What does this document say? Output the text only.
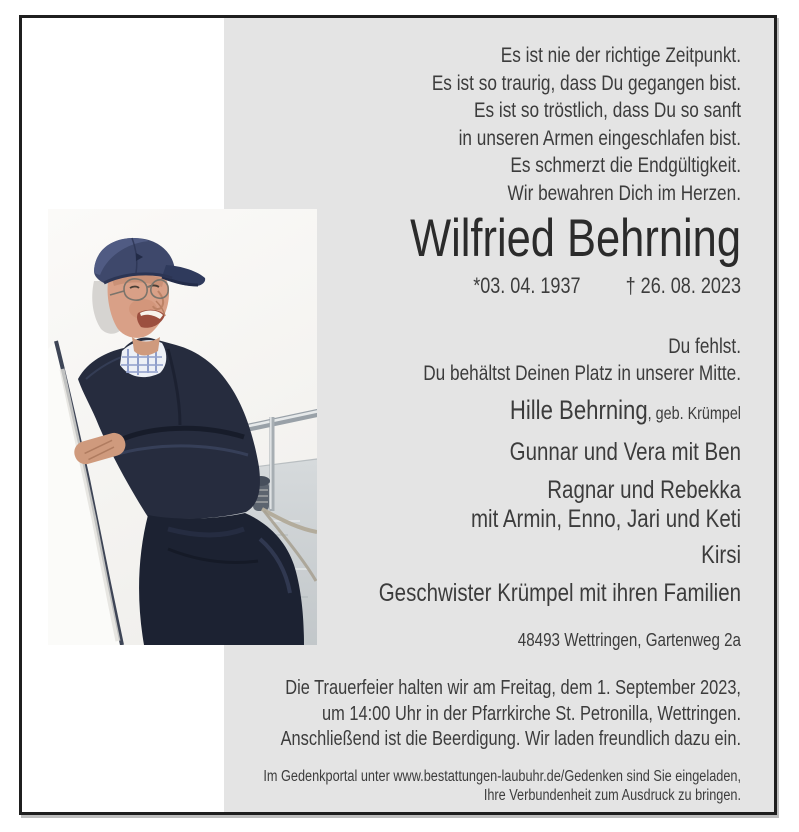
Es ist nie der richtige Zeitpunkt.
Es ist so traurig, dass Du gegangen bist.
Es ist so tröstlich, dass Du so sanft
in unseren Armen eingeschlafen bist.
Es schmerzt die Endgültigkeit.
Wir bewahren Dich im Herzen.
Wilfried Behrning
*03. 04. 1937 † 26. 08. 2023
Du fehlst.
Du behältst Deinen Platz in unserer Mitte.
Hille Behrning, geb. Krümpel
Gunnar und Vera mit Ben
Ragnar und Rebekka
mit Armin, Enno, Jari und Keti
Kirsi
Geschwister Krümpel mit ihren Familien
48493 Wettringen, Gartenweg 2a
Die Trauerfeier halten wir am Freitag, dem 1. September 2023,
um 14:00 Uhr in der Pfarrkirche St. Petronilla, Wettringen.
Anschließend ist die Beerdigung. Wir laden freundlich dazu ein.
Im Gedenkportal unter www.bestattungen-laubuhr.de/Gedenken sind Sie eingeladen,
Ihre Verbundenheit zum Ausdruck zu bringen.
